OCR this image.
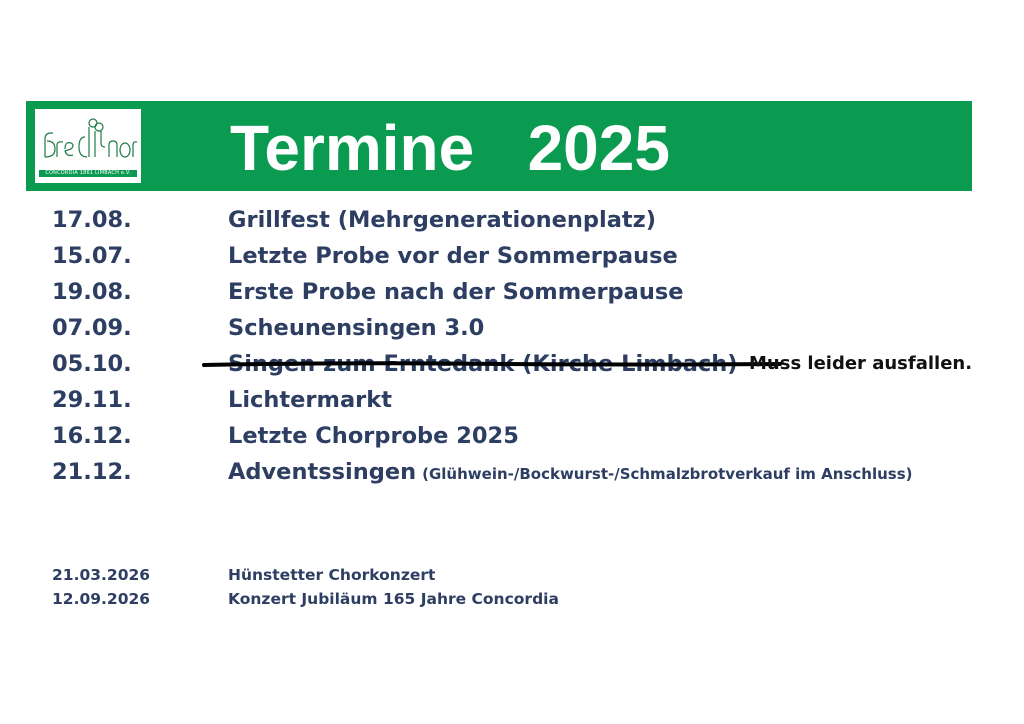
CONCORDIA 1861 LIMBACH e.V. Termine   2025
17.08.	Grillfest (Mehrgenerationenplatz)
15.07.	Letzte Probe vor der Sommerpause
19.08.	Erste Probe nach der Sommerpause
07.09.	Scheunensingen 3.0
05.10.	Singen zum Erntedank (Kirche Limbach) Muss leider ausfallen.
29.11.	Lichtermarkt
16.12.	Letzte Chorprobe 2025
21.12.	Adventssingen (Glühwein-/Bockwurst-/Schmalzbrotverkauf im Anschluss)
21.03.2026	Hünstetter Chorkonzert
12.09.2026	Konzert Jubiläum 165 Jahre Concordia
